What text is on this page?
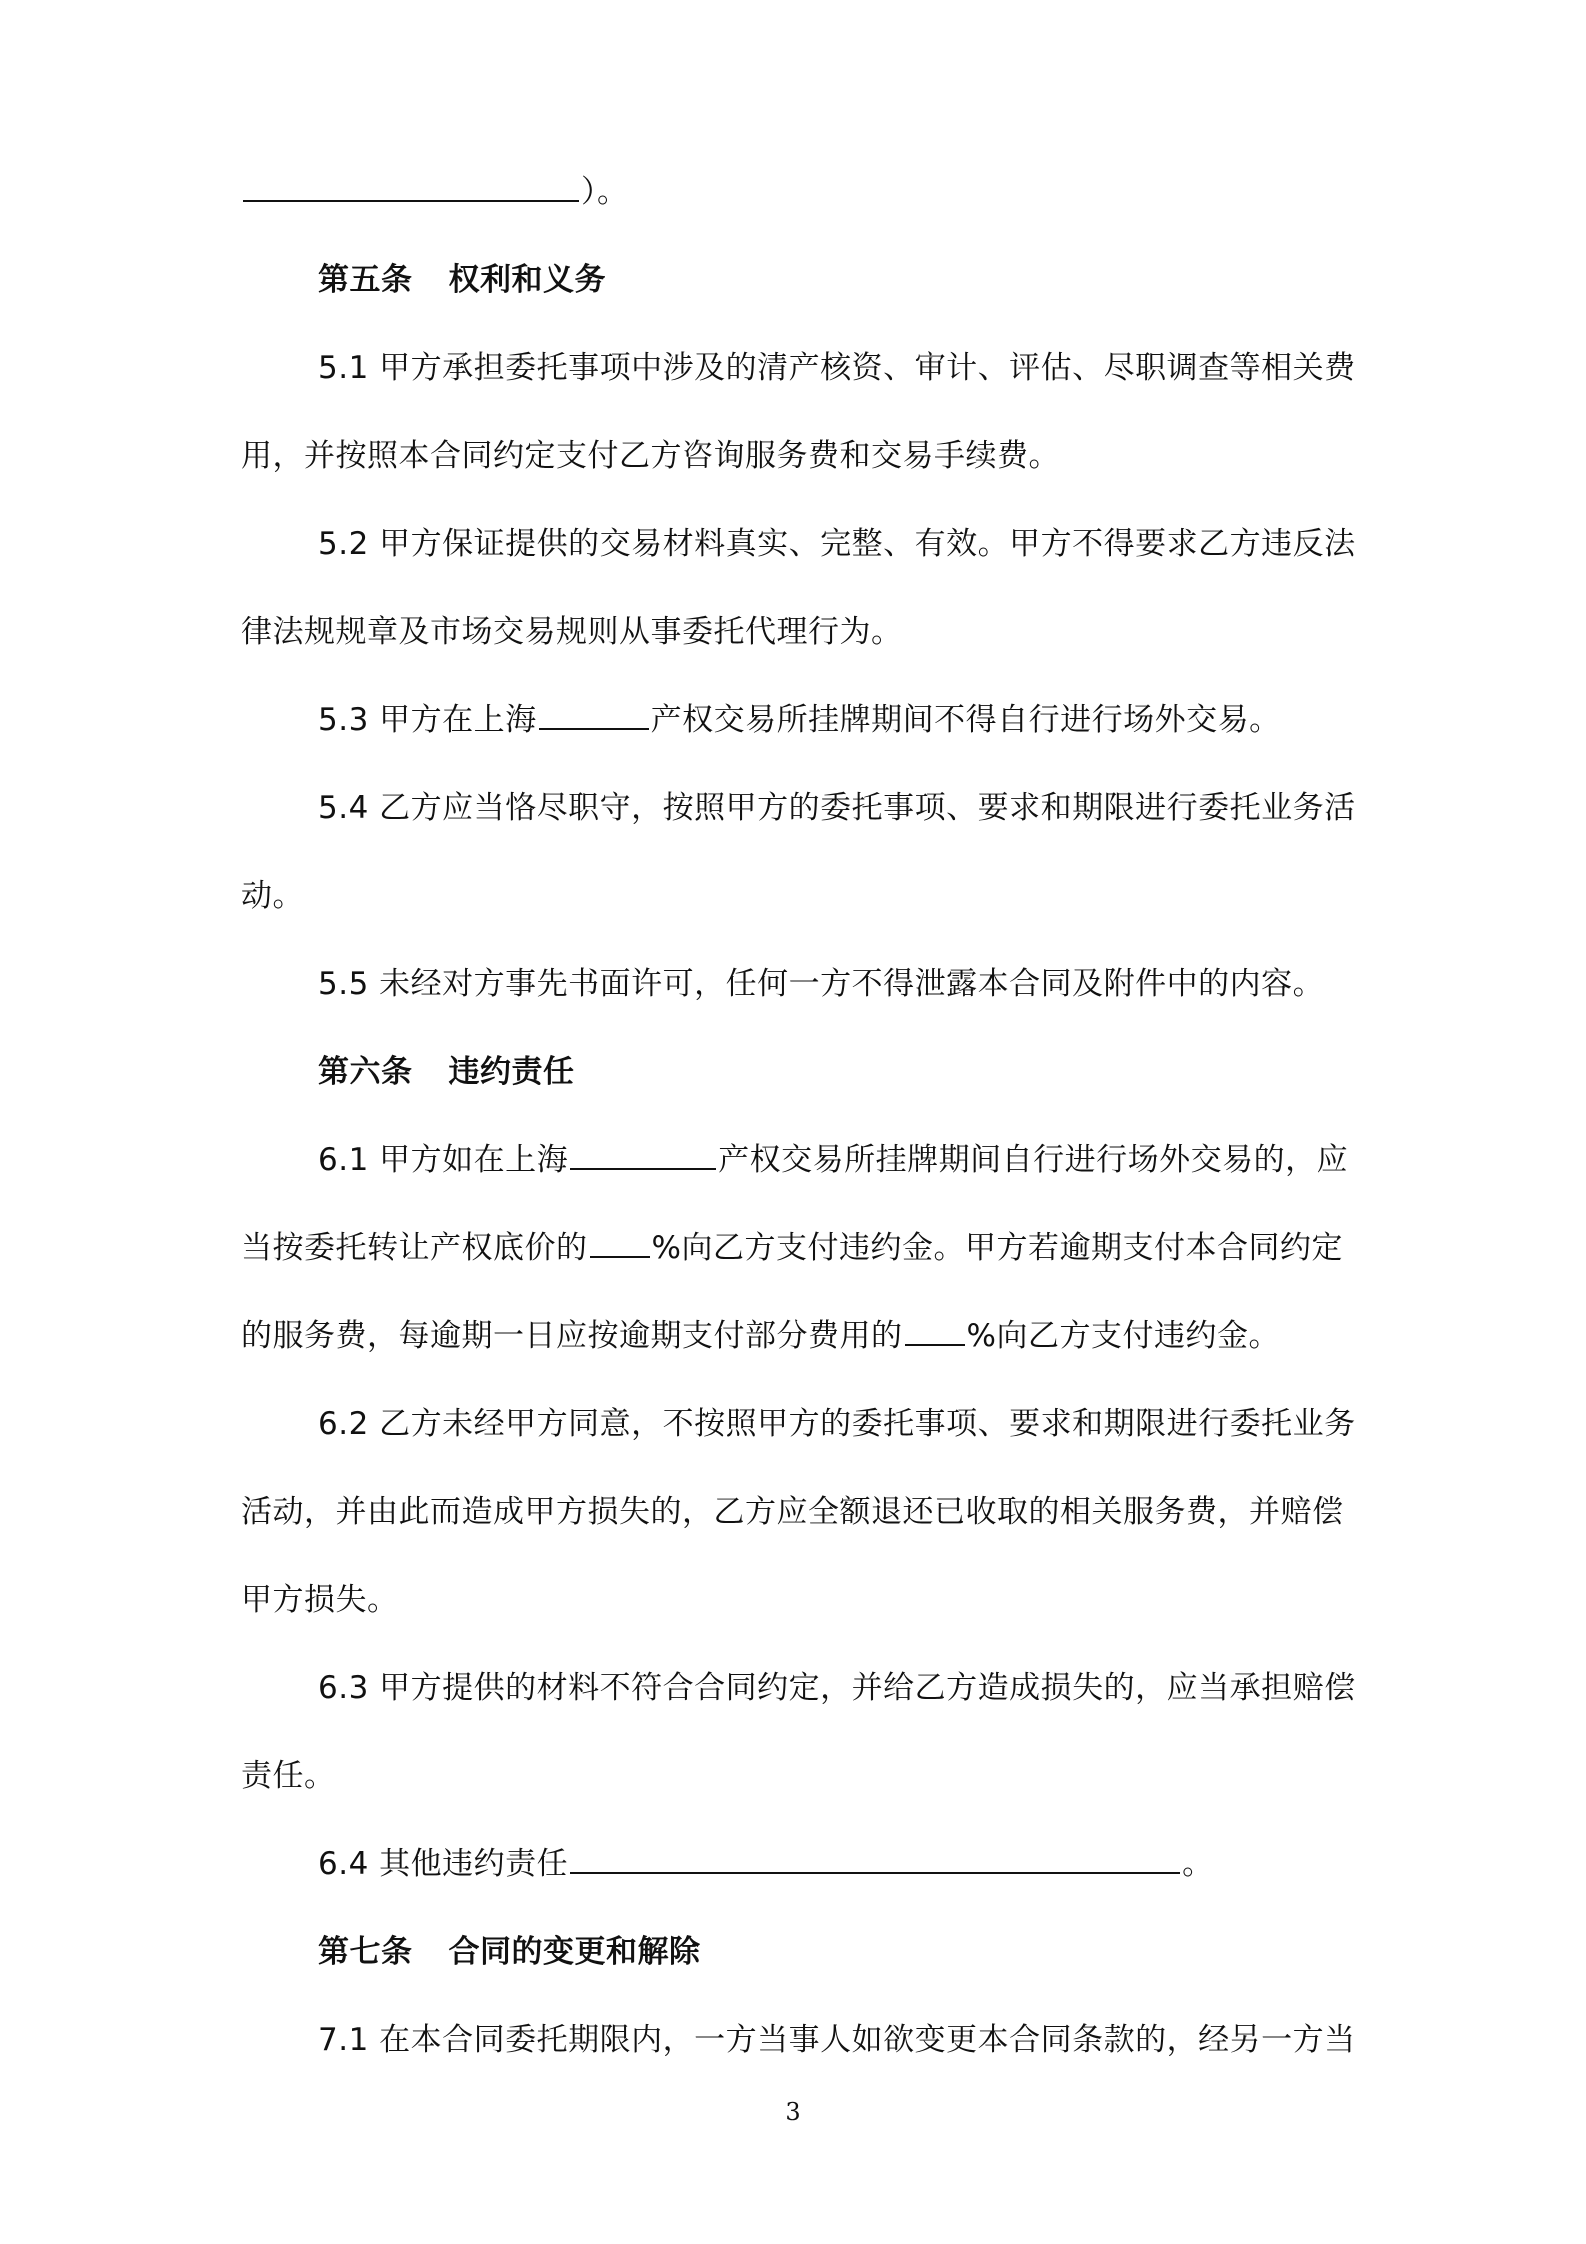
）。
第五条 权利和义务
5.1 甲方承担委托事项中涉及的清产核资、审计、评估、尽职调查等相关费
用，并按照本合同约定支付乙方咨询服务费和交易手续费。
5.2 甲方保证提供的交易材料真实、完整、有效。甲方不得要求乙方违反法
律法规规章及市场交易规则从事委托代理行为。
5.3 甲方在上海	产权交易所挂牌期间不得自行进行场外交易。
5.4 乙方应当恪尽职守，按照甲方的委托事项、要求和期限进行委托业务活
动。
5.5 未经对方事先书面许可，任何一方不得泄露本合同及附件中的内容。
第六条 违约责任
6.1 甲方如在上海	产权交易所挂牌期间自行进行场外交易的，应
当按委托转让产权底价的 %向乙方支付违约金。甲方若逾期支付本合同约定
的服务费，每逾期一日应按逾期支付部分费用的 %向乙方支付违约金。
6.2 乙方未经甲方同意，不按照甲方的委托事项、要求和期限进行委托业务
活动，并由此而造成甲方损失的，乙方应全额退还已收取的相关服务费，并赔偿
甲方损失。
6.3 甲方提供的材料不符合合同约定，并给乙方造成损失的，应当承担赔偿
责任。
6.4 其他违约责任	。
第七条 合同的变更和解除
7.1 在本合同委托期限内，一方当事人如欲变更本合同条款的，经另一方当
3
